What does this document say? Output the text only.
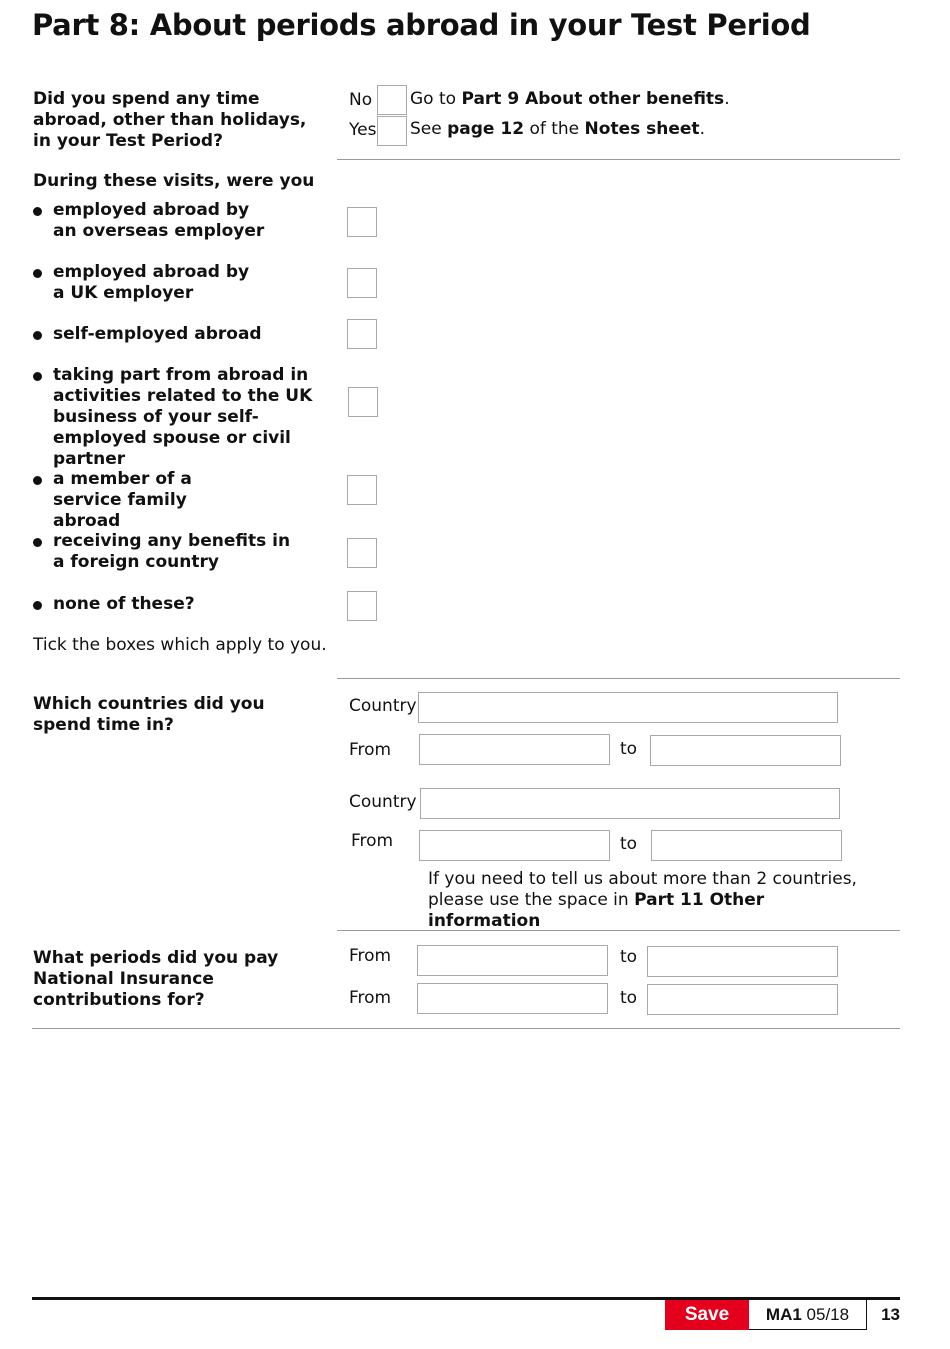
Part 8: About periods abroad in your Test Period
Did you spend any time abroad, other than holidays, in your Test Period?
No Go to Part 9 About other benefits.
Yes See page 12 of the Notes sheet.
During these visits, were you
employed abroad by an overseas employer
employed abroad by a UK employer
self-employed abroad
taking part from abroad in activities related to the UK business of your self-employed spouse or civil partner
a member of a service family abroad
receiving any benefits in a foreign country
none of these?
Tick the boxes which apply to you.
Which countries did you spend time in?
Country
From	to
Country
From	to
If you need to tell us about more than 2 countries, please use the space in Part 11 Other information
What periods did you pay National Insurance contributions for?
From	to
From	to
Save	MA1
05/18	13
